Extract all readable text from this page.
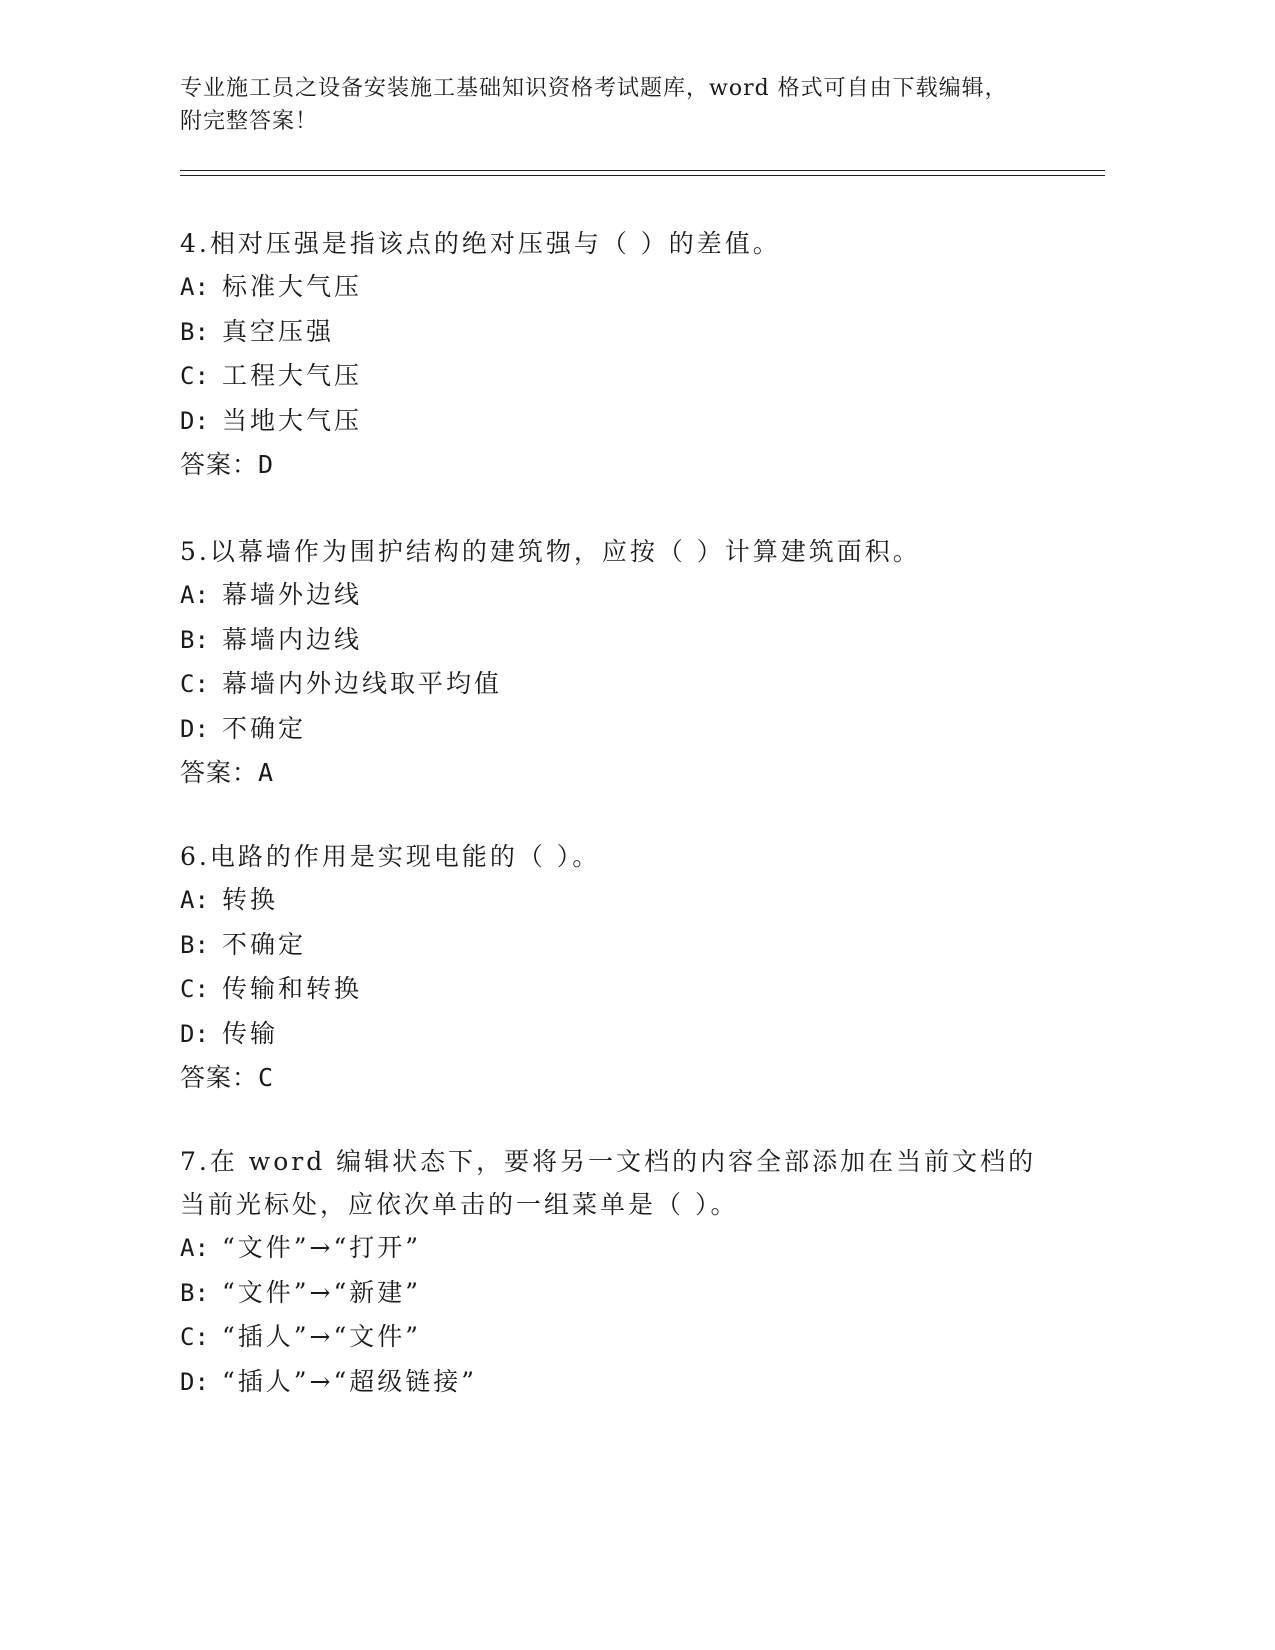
专业施工员之设备安装施工基础知识资格考试题库，word 格式可自由下载编辑，
附完整答案！

4.相对压强是指该点的绝对压强与（ ）的差值。

A: 标准大气压

B: 真空压强

C: 工程大气压

D: 当地大气压

答案：D

5.以幕墙作为围护结构的建筑物，应按（ ）计算建筑面积。

A: 幕墙外边线

B: 幕墙内边线

C: 幕墙内外边线取平均值

D: 不确定

答案：A

6.电路的作用是实现电能的（ ）。

A: 转换

B: 不确定

C: 传输和转换

D: 传输

答案：C

7.在 word 编辑状态下，要将另一文档的内容全部添加在当前文档的当前光标处，应依次单击的一组菜单是（ ）。

A: “文件”→“打开”

B: “文件”→“新建”

C: “插人”→“文件”

D: “插人”→“超级链接”
